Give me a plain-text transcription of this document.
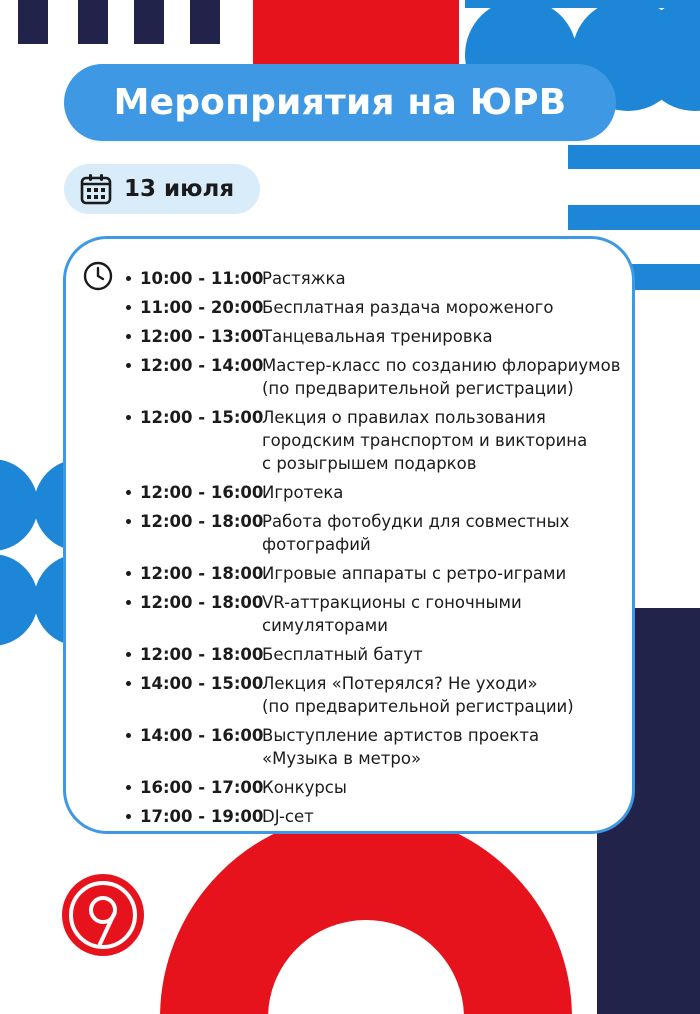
Мероприятия на ЮРВ
13 июля
10:00 - 11:00
Растяжка
11:00 - 20:00
Бесплатная раздача мороженого
12:00 - 13:00
Танцевальная тренировка
12:00 - 14:00
Мастер-класс по созданию флорариумов
(по предварительной регистрации)
12:00 - 15:00
Лекция о правилах пользования
городским транспортом и викторина
с розыгрышем подарков
12:00 - 16:00
Игротека
12:00 - 18:00
Работа фотобудки для совместных
фотографий
12:00 - 18:00
Игровые аппараты с ретро-играми
12:00 - 18:00
VR-аттракционы с гоночными
симуляторами
12:00 - 18:00
Бесплатный батут
14:00 - 15:00
Лекция «Потерялся? Не уходи»
(по предварительной регистрации)
14:00 - 16:00
Выступление артистов проекта
«Музыка в метро»
16:00 - 17:00
Конкурсы
17:00 - 19:00
DJ-сет
